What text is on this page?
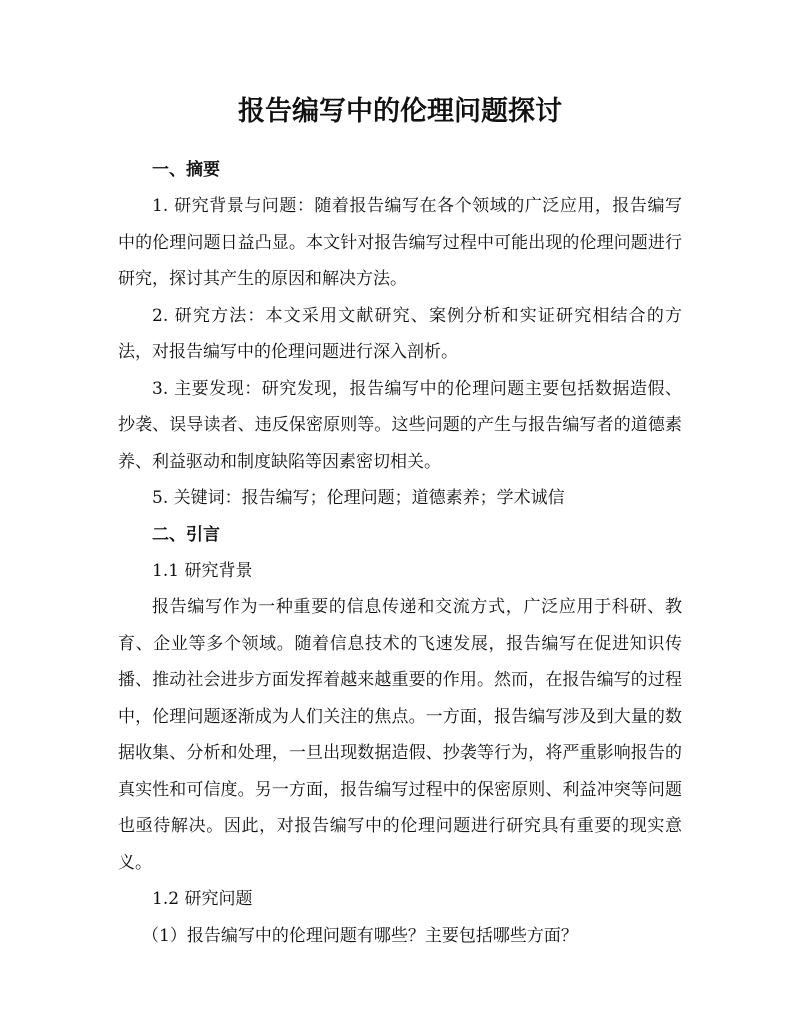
报告编写中的伦理问题探讨
一、摘要

1. 研究背景与问题：随着报告编写在各个领域的广泛应用，报告编写中的伦理问题日益凸显。本文针对报告编写过程中可能出现的伦理问题进行研究，探讨其产生的原因和解决方法。

2. 研究方法：本文采用文献研究、案例分析和实证研究相结合的方法，对报告编写中的伦理问题进行深入剖析。

3. 主要发现：研究发现，报告编写中的伦理问题主要包括数据造假、抄袭、误导读者、违反保密原则等。这些问题的产生与报告编写者的道德素养、利益驱动和制度缺陷等因素密切相关。

5. 关键词：报告编写；伦理问题；道德素养；学术诚信

二、引言

1.1 研究背景

报告编写作为一种重要的信息传递和交流方式，广泛应用于科研、教育、企业等多个领域。随着信息技术的飞速发展，报告编写在促进知识传播、推动社会进步方面发挥着越来越重要的作用。然而，在报告编写的过程中，伦理问题逐渐成为人们关注的焦点。一方面，报告编写涉及到大量的数据收集、分析和处理，一旦出现数据造假、抄袭等行为，将严重影响报告的真实性和可信度。另一方面，报告编写过程中的保密原则、利益冲突等问题也亟待解决。因此，对报告编写中的伦理问题进行研究具有重要的现实意义。

1.2 研究问题

（1）报告编写中的伦理问题有哪些？主要包括哪些方面？
